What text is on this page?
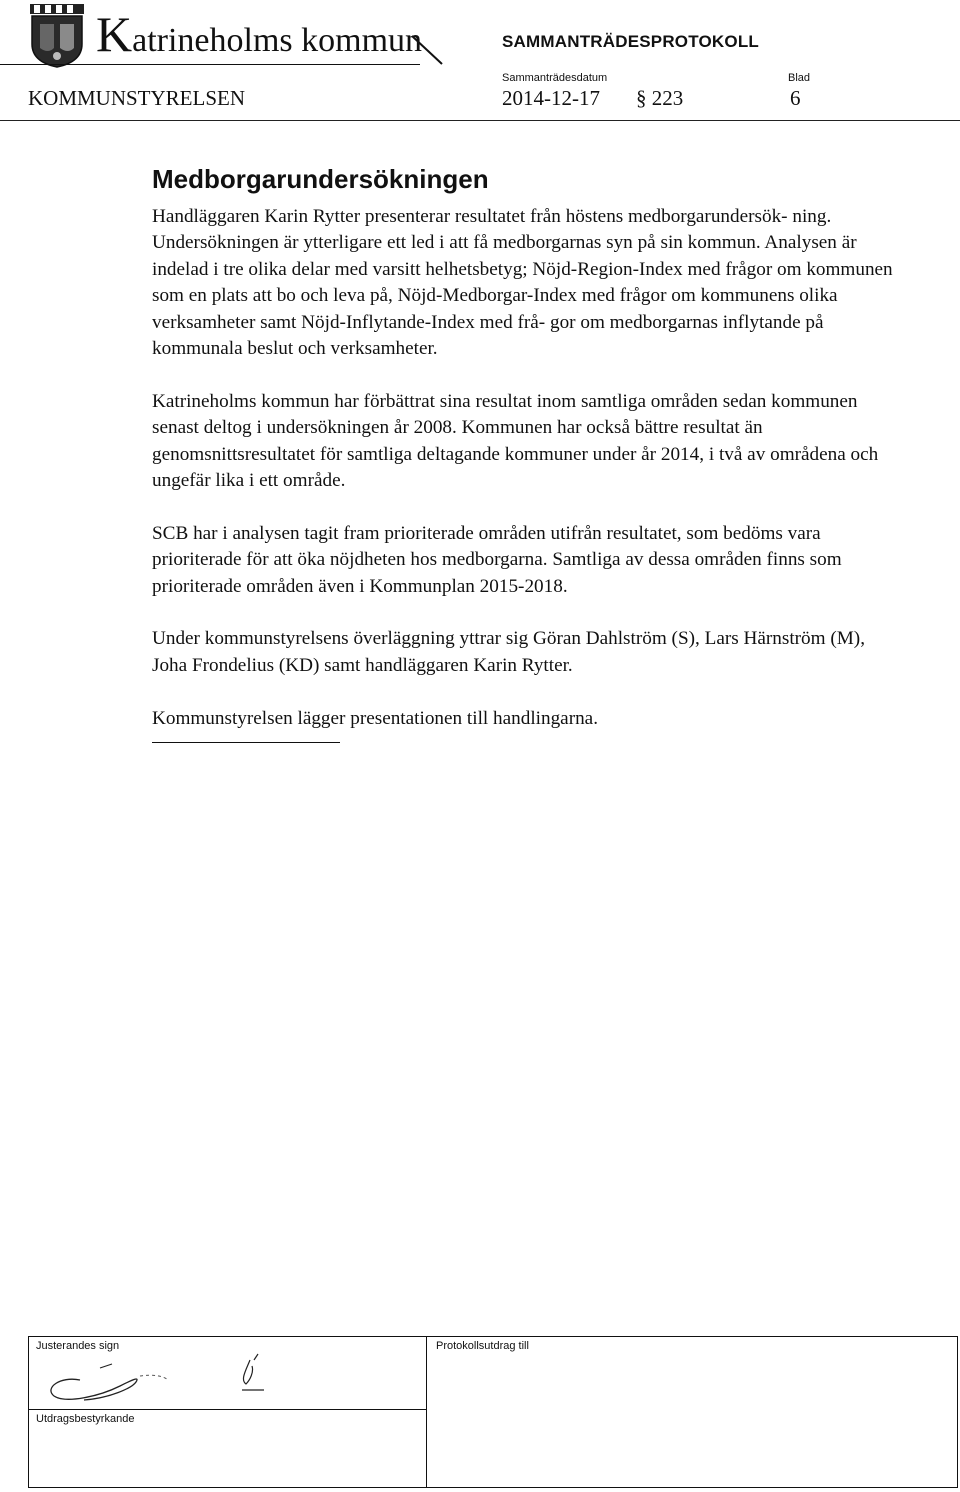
Katrineholms kommun	SAMMANTRÄDESPROTOKOLL
KOMMUNSTYRELSEN
Sammanträdesdatum	Blad
2014-12-17 § 223	6
Medborgarundersökningen

Handläggaren Karin Rytter presenterar resultatet från höstens medborgarundersök- ning. Undersökningen är ytterligare ett led i att få medborgarnas syn på sin kommun. Analysen är indelad i tre olika delar med varsitt helhetsbetyg; Nöjd-Region-Index med frågor om kommunen som en plats att bo och leva på, Nöjd-Medborgar-Index med frågor om kommunens olika verksamheter samt Nöjd-Inflytande-Index med frå- gor om medborgarnas inflytande på kommunala beslut och verksamheter.

Katrineholms kommun har förbättrat sina resultat inom samtliga områden sedan kommunen senast deltog i undersökningen år 2008. Kommunen har också bättre resultat än genomsnittsresultatet för samtliga deltagande kommuner under år 2014, i två av områdena och ungefär lika i ett område.

SCB har i analysen tagit fram prioriterade områden utifrån resultatet, som bedöms vara prioriterade för att öka nöjdheten hos medborgarna. Samtliga av dessa områden finns som prioriterade områden även i Kommunplan 2015-2018.

Under kommunstyrelsens överläggning yttrar sig Göran Dahlström (S), Lars Härnström (M), Joha Frondelius (KD) samt handläggaren Karin Rytter.

Kommunstyrelsen lägger presentationen till handlingarna.

Justerandes sign
Utdragsbestyrkande
Protokollsutdrag till
